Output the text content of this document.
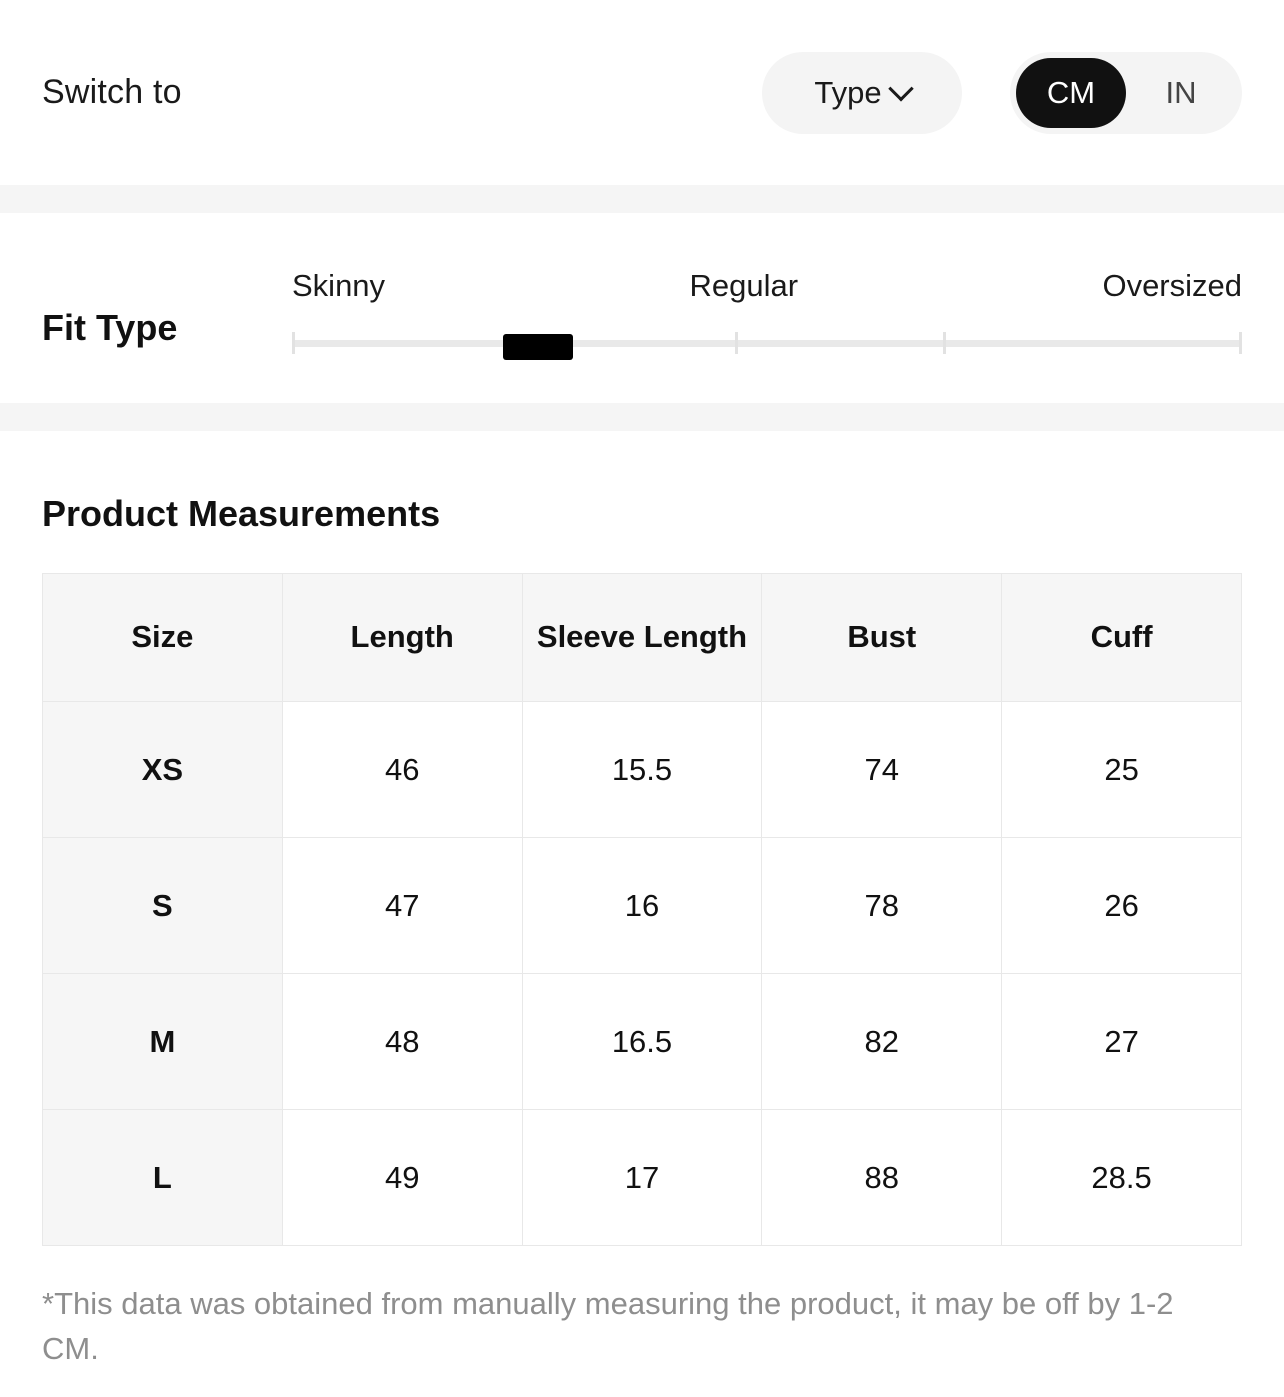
Switch to	Type	CM	IN
Fit Type
Skinny	Regular	Oversized
Product Measurements
Size	Length	Sleeve Length	Bust	Cuff
XS	46	15.5	74	25
S	47	16	78	26
M	48	16.5	82	27
L	49	17	88	28.5
*This data was obtained from manually measuring the product, it may be off by 1-2 CM.
